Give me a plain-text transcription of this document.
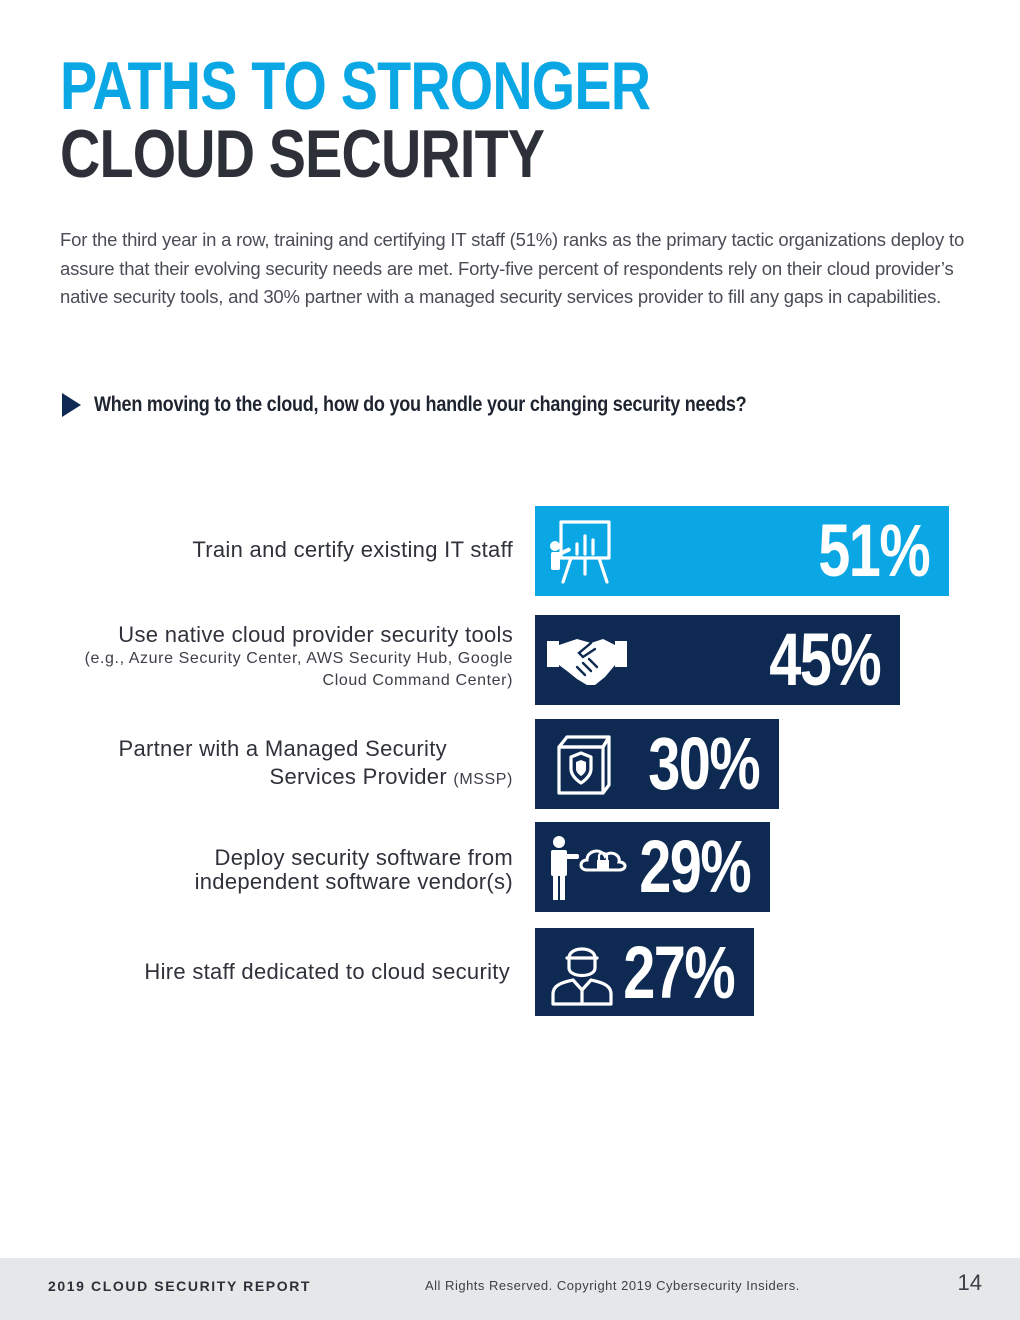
PATHS TO STRONGER
CLOUD SECURITY

For the third year in a row, training and certifying IT staff (51%) ranks as the primary tactic organizations deploy to assure that their evolving security needs are met. Forty-five percent of respondents rely on their cloud provider’s native security tools, and 30% partner with a managed security services provider to fill any gaps in capabilities.

When moving to the cloud, how do you handle your changing security needs?
Train and certify existing IT staff	51%
Use native cloud provider security tools
(e.g., Azure Security Center, AWS Security Hub, Google Cloud Command Center)	45%
Partner with a Managed Security Services Provider (MSSP) 30%
Deploy security software from independent software vendor(s) 29%
Hire staff dedicated to cloud security 27%
2019 CLOUD SECURITY REPORT	All Rights Reserved. Copyright 2019 Cybersecurity Insiders.	14
